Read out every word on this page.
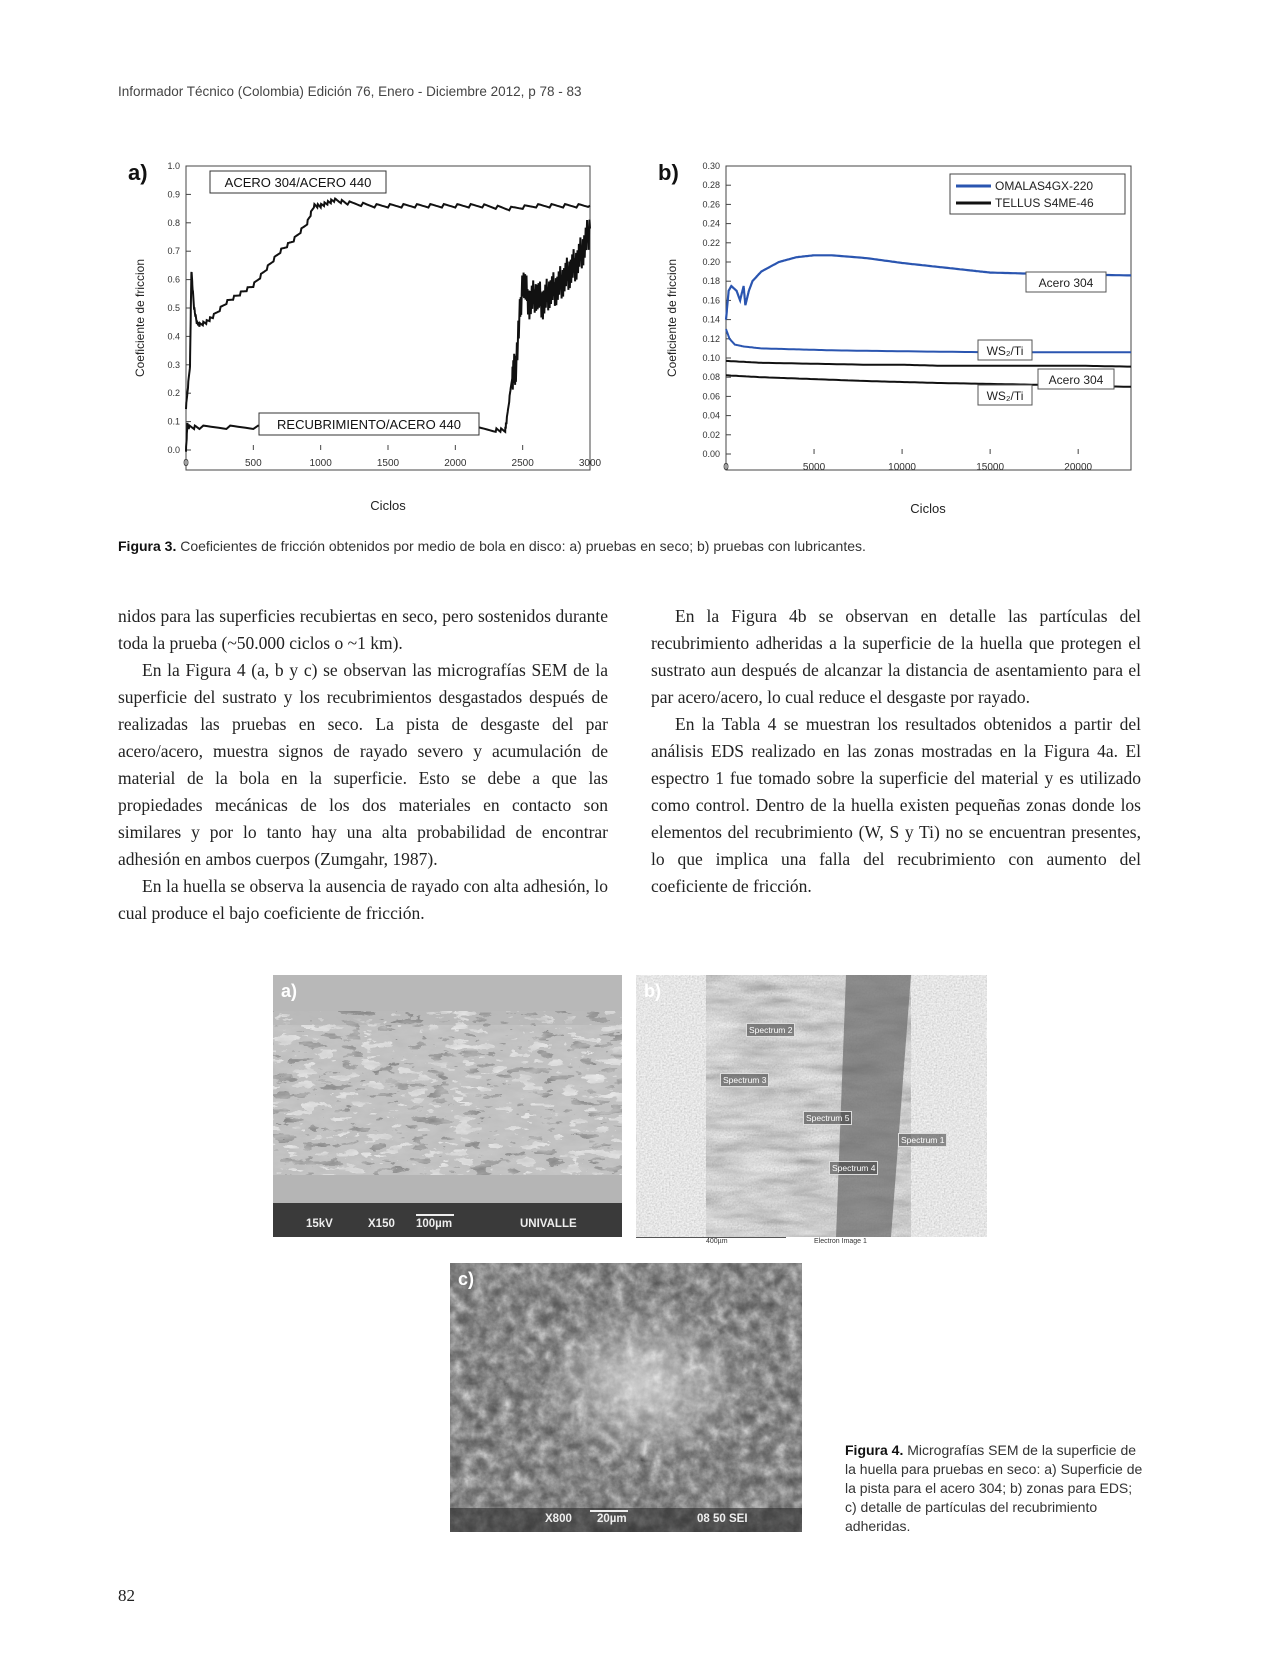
Informador Técnico (Colombia) Edición 76, Enero - Diciembre 2012, p 78 - 83
a)
0.0
0.1
0.2
0.3
0.4
0.5
0.6
0.7
0.8
0.9
1.0
0	500	1000	1500	2000	2500	3000
ACERO 304/ACERO 440
RECUBRIMIENTO/ACERO 440
Ciclos
Coeficiente de friccion
b)
0.00
0.02
0.04
0.06
0.08
0.10
0.12
0.14
0.16
0.18
0.20
0.22
0.24
0.26
0.28
0.30
0	5000	10000	15000	20000
OMALAS4GX-220
TELLUS S4ME-46
Acero 304
WS₂/Ti
Acero 304
WS₂/Ti
Ciclos
Coeficiente de friccion
Figura 3. Coeficientes de fricción obtenidos por medio de bola en disco: a) pruebas en seco; b) pruebas con lubricantes.

nidos para las superficies recubiertas en seco, pero sostenidos durante toda la prueba (~50.000 ciclos o ~1 km).

En la Figura 4 (a, b y c) se observan las micrografías SEM de la superficie del sustrato y los recubrimientos desgastados después de realizadas las pruebas en seco. La pista de desgaste del par acero/acero, muestra signos de rayado severo y acumulación de material de la bola en la superficie. Esto se debe a que las propiedades mecánicas de los dos materiales en contacto son similares y por lo tanto hay una alta probabilidad de encontrar adhesión en ambos cuerpos (Zumgahr, 1987).

En la huella se observa la ausencia de rayado con alta adhesión, lo cual produce el bajo coeficiente de fricción.

En la Figura 4b se observan en detalle las partículas del recubrimiento adheridas a la superficie de la huella que protegen el sustrato aun después de alcanzar la distancia de asentamiento para el par acero/acero, lo cual reduce el desgaste por rayado.

En la Tabla 4 se muestran los resultados obtenidos a partir del análisis EDS realizado en las zonas mostradas en la Figura 4a. El espectro 1 fue tomado sobre la superficie del material y es utilizado como control. Dentro de la huella existen pequeñas zonas donde los elementos del recubrimiento (W, S y Ti) no se encuentran presentes, lo que implica una falla del recubrimiento con aumento del coeficiente de fricción.

a)
15kV	X150 100µm	UNIVALLE
Spectrum 2
Spectrum 3
Spectrum 5
Spectrum 1
Spectrum 4
b)
400µm	Electron Image 1
c)
X800 20µm	08 50 SEI
Figura 4. Micrografías SEM de la superficie de la huella para pruebas en seco: a) Superficie de la pista para el acero 304; b) zonas para EDS; c) detalle de partículas del recubrimiento adheridas.
82
